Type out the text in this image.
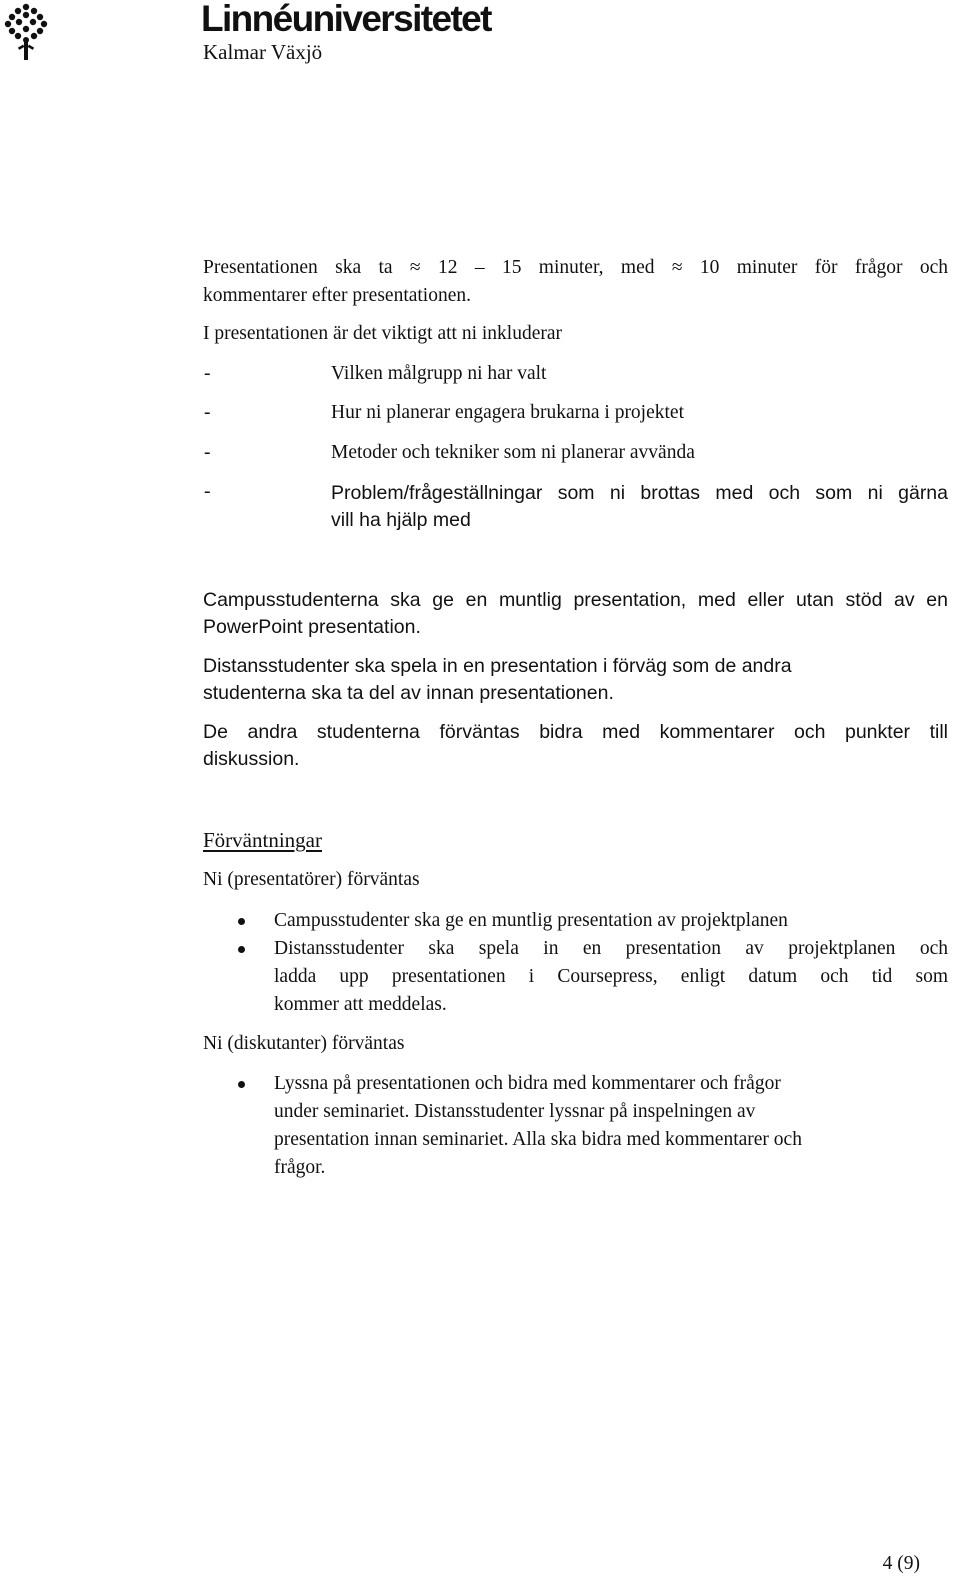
Linnéuniversitetet
Kalmar Växjö
Presentationen ska ta ≈ 12 – 15 minuter, med ≈ 10 minuter för frågor och
kommentarer efter presentationen.
I presentationen är det viktigt att ni inkluderar
-	Vilken målgrupp ni har valt
-	Hur ni planerar engagera brukarna i projektet
-	Metoder och tekniker som ni planerar avvända
-	Problem/frågeställningar som ni brottas med och som ni gärna
vill ha hjälp med
Campusstudenterna ska ge en muntlig presentation, med eller utan stöd av en
PowerPoint presentation.
Distansstudenter ska spela in en presentation i förväg som de andra
studenterna ska ta del av innan presentationen.
De andra studenterna förväntas bidra med kommentarer och punkter till
diskussion.
Förväntningar
Ni (presentatörer) förväntas
Campusstudenter ska ge en muntlig presentation av projektplanen
Distansstudenter ska spela in en presentation av projektplanen och
ladda upp presentationen i Coursepress, enligt datum och tid som
kommer att meddelas.
Ni (diskutanter) förväntas
Lyssna på presentationen och bidra med kommentarer och frågor
under seminariet. Distansstudenter lyssnar på inspelningen av
presentation innan seminariet. Alla ska bidra med kommentarer och
frågor.
4 (9)
